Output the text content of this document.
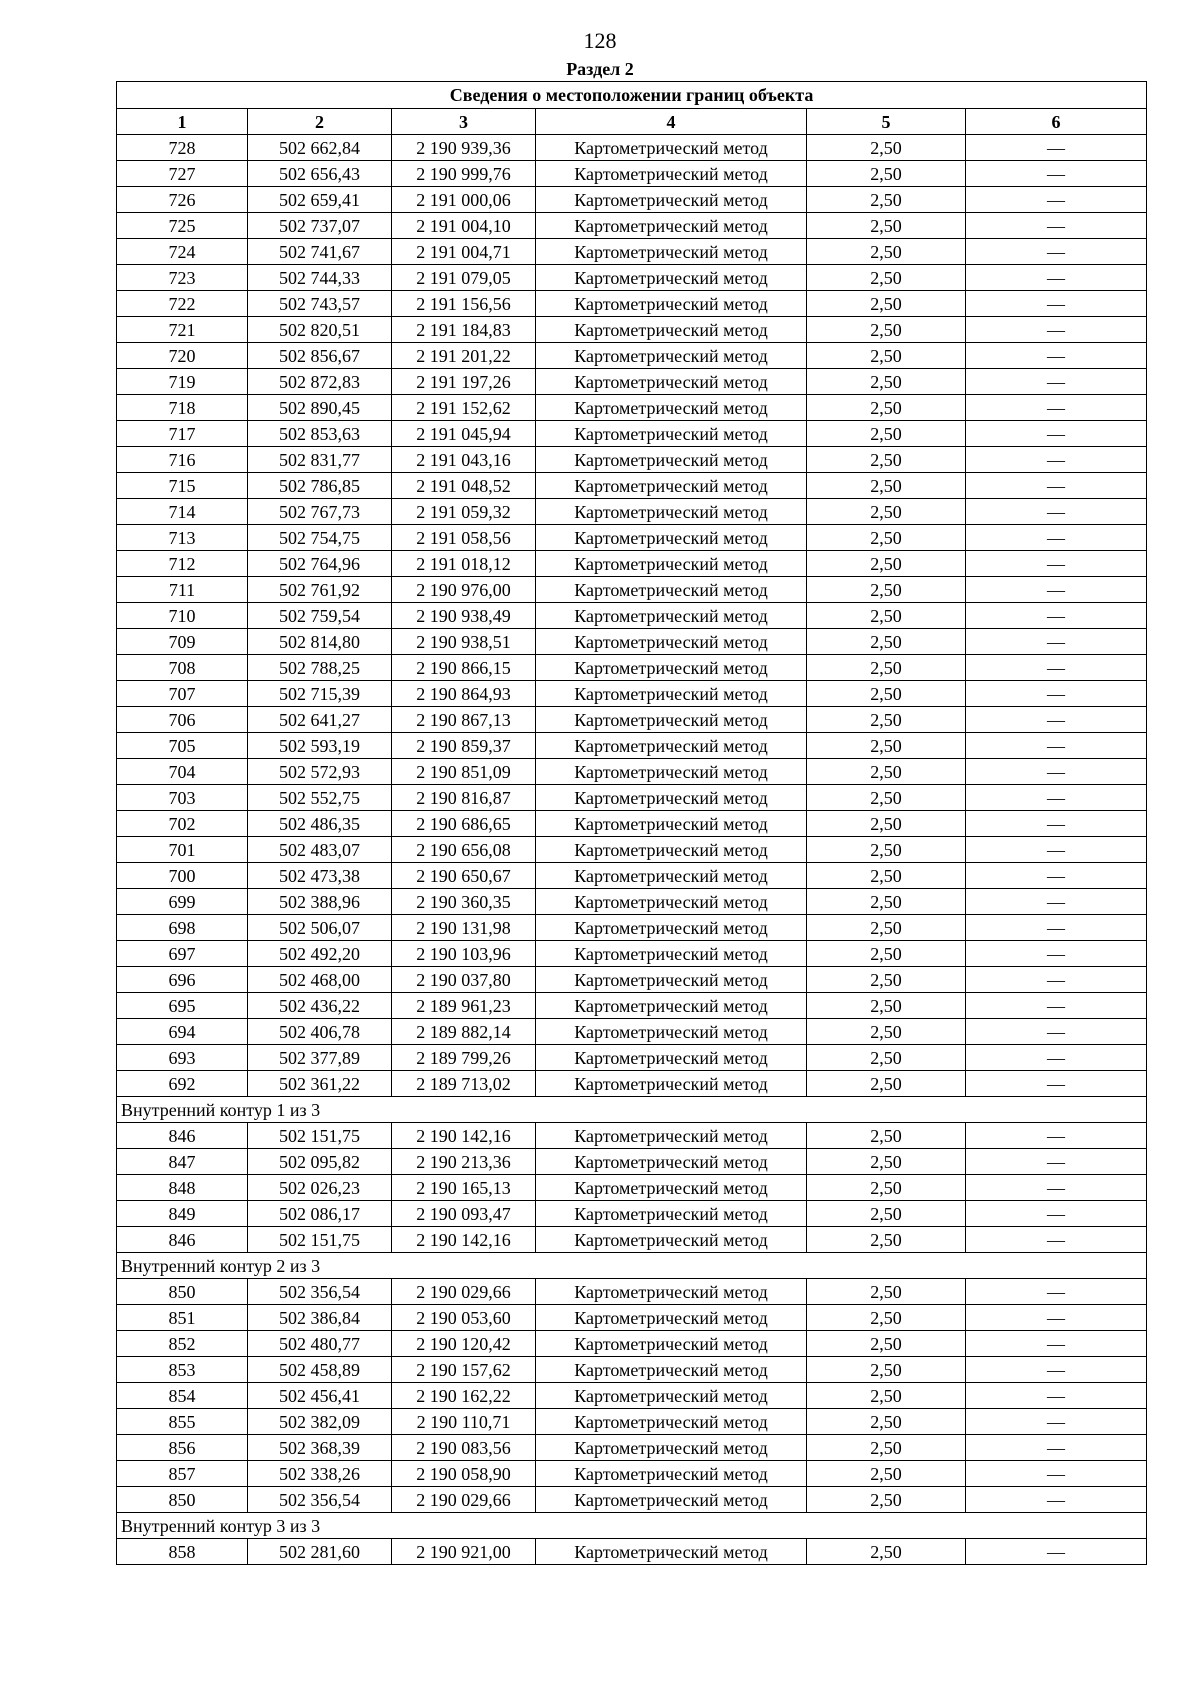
128
Раздел 2
Сведения о местоположении границ объекта					
1	2	3	4	5	6
728	502 662,84	2 190 939,36	Картометрический метод	2,50	—
727	502 656,43	2 190 999,76	Картометрический метод	2,50	—
726	502 659,41	2 191 000,06	Картометрический метод	2,50	—
725	502 737,07	2 191 004,10	Картометрический метод	2,50	—
724	502 741,67	2 191 004,71	Картометрический метод	2,50	—
723	502 744,33	2 191 079,05	Картометрический метод	2,50	—
722	502 743,57	2 191 156,56	Картометрический метод	2,50	—
721	502 820,51	2 191 184,83	Картометрический метод	2,50	—
720	502 856,67	2 191 201,22	Картометрический метод	2,50	—
719	502 872,83	2 191 197,26	Картометрический метод	2,50	—
718	502 890,45	2 191 152,62	Картометрический метод	2,50	—
717	502 853,63	2 191 045,94	Картометрический метод	2,50	—
716	502 831,77	2 191 043,16	Картометрический метод	2,50	—
715	502 786,85	2 191 048,52	Картометрический метод	2,50	—
714	502 767,73	2 191 059,32	Картометрический метод	2,50	—
713	502 754,75	2 191 058,56	Картометрический метод	2,50	—
712	502 764,96	2 191 018,12	Картометрический метод	2,50	—
711	502 761,92	2 190 976,00	Картометрический метод	2,50	—
710	502 759,54	2 190 938,49	Картометрический метод	2,50	—
709	502 814,80	2 190 938,51	Картометрический метод	2,50	—
708	502 788,25	2 190 866,15	Картометрический метод	2,50	—
707	502 715,39	2 190 864,93	Картометрический метод	2,50	—
706	502 641,27	2 190 867,13	Картометрический метод	2,50	—
705	502 593,19	2 190 859,37	Картометрический метод	2,50	—
704	502 572,93	2 190 851,09	Картометрический метод	2,50	—
703	502 552,75	2 190 816,87	Картометрический метод	2,50	—
702	502 486,35	2 190 686,65	Картометрический метод	2,50	—
701	502 483,07	2 190 656,08	Картометрический метод	2,50	—
700	502 473,38	2 190 650,67	Картометрический метод	2,50	—
699	502 388,96	2 190 360,35	Картометрический метод	2,50	—
698	502 506,07	2 190 131,98	Картометрический метод	2,50	—
697	502 492,20	2 190 103,96	Картометрический метод	2,50	—
696	502 468,00	2 190 037,80	Картометрический метод	2,50	—
695	502 436,22	2 189 961,23	Картометрический метод	2,50	—
694	502 406,78	2 189 882,14	Картометрический метод	2,50	—
693	502 377,89	2 189 799,26	Картометрический метод	2,50	—
692	502 361,22	2 189 713,02	Картометрический метод	2,50	—
Внутренний контур 1 из 3					
846	502 151,75	2 190 142,16	Картометрический метод	2,50	—
847	502 095,82	2 190 213,36	Картометрический метод	2,50	—
848	502 026,23	2 190 165,13	Картометрический метод	2,50	—
849	502 086,17	2 190 093,47	Картометрический метод	2,50	—
846	502 151,75	2 190 142,16	Картометрический метод	2,50	—
Внутренний контур 2 из 3					
850	502 356,54	2 190 029,66	Картометрический метод	2,50	—
851	502 386,84	2 190 053,60	Картометрический метод	2,50	—
852	502 480,77	2 190 120,42	Картометрический метод	2,50	—
853	502 458,89	2 190 157,62	Картометрический метод	2,50	—
854	502 456,41	2 190 162,22	Картометрический метод	2,50	—
855	502 382,09	2 190 110,71	Картометрический метод	2,50	—
856	502 368,39	2 190 083,56	Картометрический метод	2,50	—
857	502 338,26	2 190 058,90	Картометрический метод	2,50	—
850	502 356,54	2 190 029,66	Картометрический метод	2,50	—
Внутренний контур 3 из 3					
858	502 281,60	2 190 921,00	Картометрический метод	2,50	—
